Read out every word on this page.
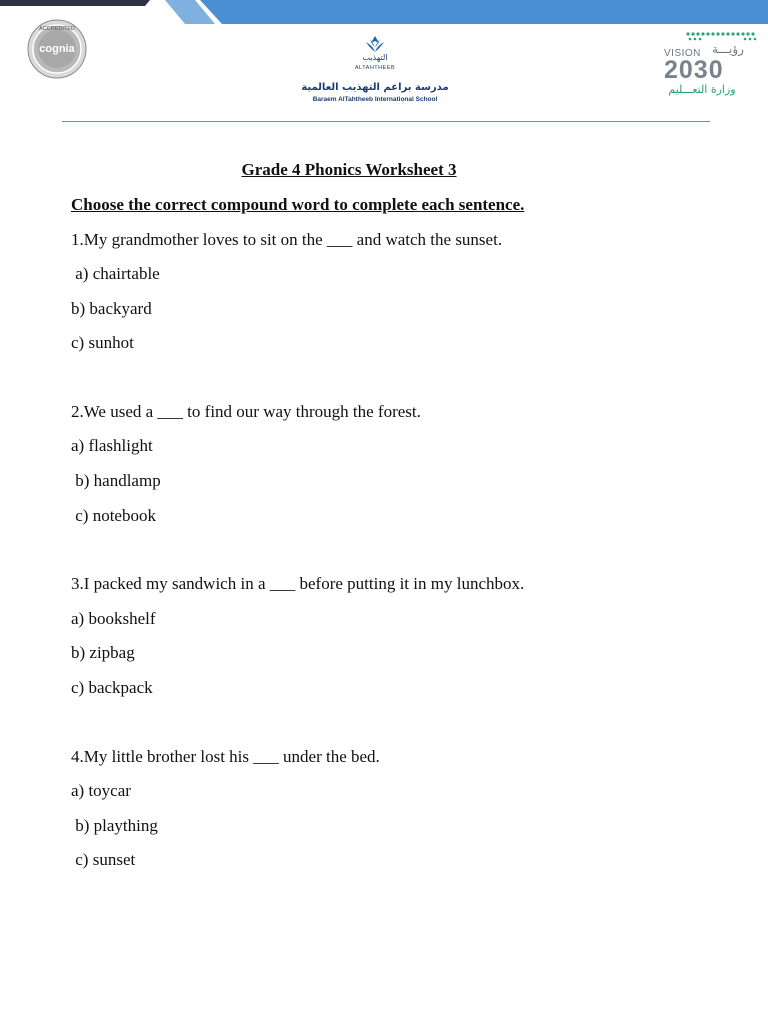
ACCREDITED
cognia
التهذيب
ALTAHTHEEB
مدرسة براعم التهذيب العالمية
Baraem AlTahtheeb International School
VISION رؤيـــة
2030
وزارة التعـــليم
Grade 4 Phonics Worksheet 3
Choose the correct compound word to complete each sentence.
1.My grandmother loves to sit on the ___ and watch the sunset.
a) chairtable
b) backyard
c) sunhot
2.We used a ___ to find our way through the forest.
a) flashlight
b) handlamp
c) notebook
3.I packed my sandwich in a ___ before putting it in my lunchbox.
a) bookshelf
b) zipbag
c) backpack
4.My little brother lost his ___ under the bed.
a) toycar
b) plaything
c) sunset
